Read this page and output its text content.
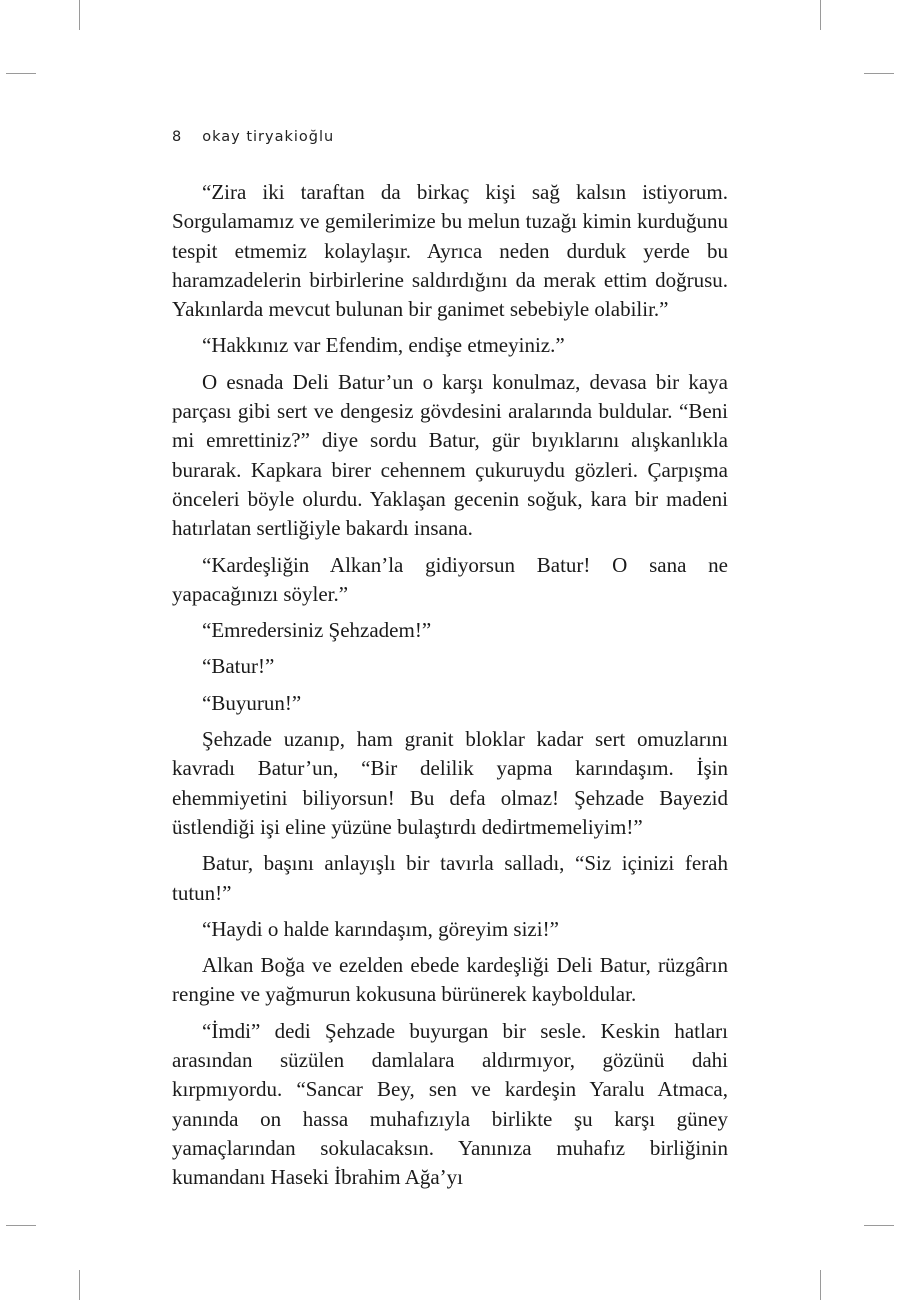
8 okay tiryakioğlu

“Zira iki taraftan da birkaç kişi sağ kalsın istiyorum. Sorgulamamız ve gemilerimize bu melun tuzağı kimin kurduğunu tespit etmemiz kolaylaşır. Ayrıca neden durduk yerde bu haramzadelerin birbirlerine saldırdığını da merak ettim doğrusu. Yakınlarda mevcut bulunan bir ganimet sebebiyle olabilir.”

“Hakkınız var Efendim, endişe etmeyiniz.”

O esnada Deli Batur’un o karşı konulmaz, devasa bir kaya parçası gibi sert ve dengesiz gövdesini aralarında buldular. “Beni mi emrettiniz?” diye sordu Batur, gür bıyıklarını alışkanlıkla burarak. Kapkara birer cehennem çukuruydu gözleri. Çarpışma önceleri böyle olurdu. Yaklaşan gecenin soğuk, kara bir madeni hatırlatan sertliğiyle bakardı insana.

“Kardeşliğin Alkan’la gidiyorsun Batur! O sana ne yapacağınızı söyler.”

“Emredersiniz Şehzadem!”

“Batur!”

“Buyurun!”

Şehzade uzanıp, ham granit bloklar kadar sert omuzlarını kavradı Batur’un, “Bir delilik yapma karındaşım. İşin ehemmiyetini biliyorsun! Bu defa olmaz! Şehzade Bayezid üstlendiği işi eline yüzüne bulaştırdı dedirtmemeliyim!”

Batur, başını anlayışlı bir tavırla salladı, “Siz içinizi ferah tutun!”

“Haydi o halde karındaşım, göreyim sizi!”

Alkan Boğa ve ezelden ebede kardeşliği Deli Batur, rüzgârın rengine ve yağmurun kokusuna bürünerek kayboldular.

“İmdi” dedi Şehzade buyurgan bir sesle. Keskin hatları arasından süzülen damlalara aldırmıyor, gözünü dahi kırpmıyordu. “Sancar Bey, sen ve kardeşin Yaralu Atmaca, yanında on hassa muhafızıyla birlikte şu karşı güney yamaçlarından sokulacaksın. Yanınıza muhafız birliğinin kumandanı Haseki İbrahim Ağa’yı
